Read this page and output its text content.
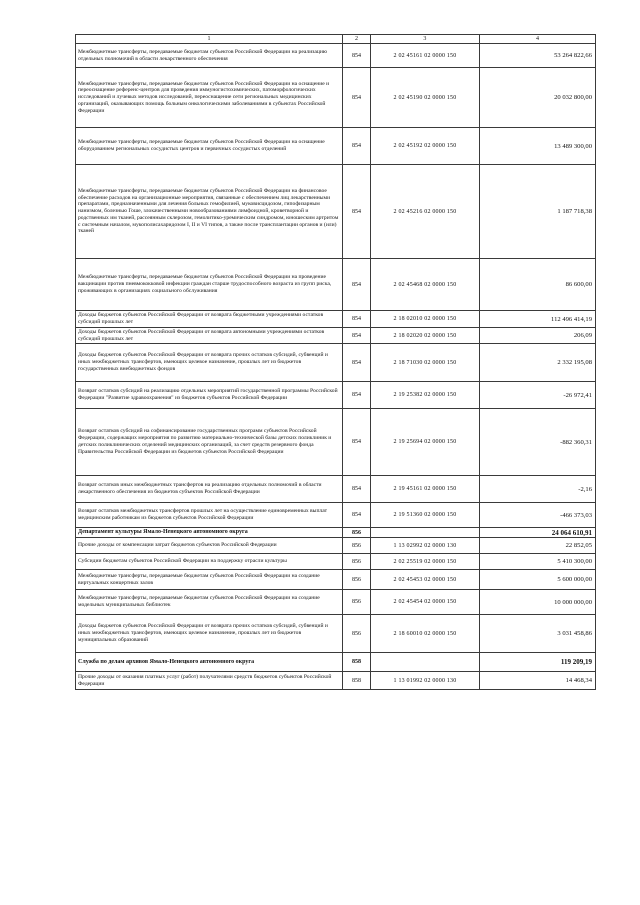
1	2	3	4
Межбюджетные трансферты, передаваемые бюджетам субъектов Российской Федерации на реализацию отдельных полномочий в области лекарственного обеспечения	854	2 02 45161 02 0000 150	53 264 822,66
Межбюджетные трансферты, передаваемые бюджетам субъектов Российской Федерации на оснащение и переоснащение референс-центров для проведения иммуногистохимических, патоморфологических исследований и лучевых методов исследований, переоснащение сети региональных медицинских организаций, оказывающих помощь больным онкологическими заболеваниями в субъектах Российской Федерации	854	2 02 45190 02 0000 150	20 032 800,00
Межбюджетные трансферты, передаваемые бюджетам субъектов Российской Федерации на оснащение оборудованием региональных сосудистых центров и первичных сосудистых отделений	854	2 02 45192 02 0000 150	13 489 300,00
Межбюджетные трансферты, передаваемые бюджетам субъектов Российской Федерации на финансовое обеспечение расходов на организационные мероприятия, связанные с обеспечением лиц лекарственными препаратами, предназначенными для лечения больных гемофилией, муковисцидозом, гипофизарным нанизмом, болезнью Гоше, злокачественными новообразованиями лимфоидной, кроветворной и родственных им тканей, рассеянным склерозом, гемолитико-уремическим синдромом, юношеским артритом с системным началом, мукополисахаридозом I, II и VI типов, а также после трансплантации органов и (или) тканей	854	2 02 45216 02 0000 150	1 187 718,38
Межбюджетные трансферты, передаваемые бюджетам субъектов Российской Федерации на проведение вакцинации против пневмококковой инфекции граждан старше трудоспособного возраста из групп риска, проживающих в организациях социального обслуживания	854	2 02 45468 02 0000 150	86 600,00
Доходы бюджетов субъектов Российской Федерации от возврата бюджетными учреждениями остатков субсидий прошлых лет	854	2 18 02010 02 0000 150	112 496 414,19
Доходы бюджетов субъектов Российской Федерации от возврата автономными учреждениями остатков субсидий прошлых лет	854	2 18 02020 02 0000 150	206,09
Доходы бюджетов субъектов Российской Федерации от возврата прочих остатков субсидий, субвенций и иных межбюджетных трансфертов, имеющих целевое назначение, прошлых лет из бюджетов государственных внебюджетных фондов	854	2 18 71030 02 0000 150	2 332 195,08
Возврат остатков субсидий на реализацию отдельных мероприятий государственной программы Российской Федерации "Развитие здравоохранения" из бюджетов субъектов Российской Федерации	854	2 19 25382 02 0000 150	-26 972,41
Возврат остатков субсидий на софинансирование государственных программ субъектов Российской Федерации, содержащих мероприятия по развитию материально-технической базы детских поликлиник и детских поликлинических отделений медицинских организаций, за счет средств резервного фонда Правительства Российской Федерации из бюджетов субъектов Российской Федерации	854	2 19 25694 02 0000 150	-882 360,31
Возврат остатков иных межбюджетных трансфертов на реализацию отдельных полномочий в области лекарственного обеспечения из бюджетов субъектов Российской Федерации	854	2 19 45161 02 0000 150	-2,16
Возврат остатков межбюджетных трансфертов прошлых лет на осуществление единовременных выплат медицинским работникам из бюджетов субъектов Российской Федерации	854	2 19 51360 02 0000 150	-466 373,03
Департамент культуры Ямало-Ненецкого автономного округа	856		24 064 610,91
Прочие доходы от компенсации затрат бюджетов субъектов Российской Федерации	856	1 13 02992 02 0000 130	22 852,05
Субсидии бюджетам субъектов Российской Федерации на поддержку отрасли культуры	856	2 02 25519 02 0000 150	5 410 300,00
Межбюджетные трансферты, передаваемые бюджетам субъектов Российской Федерации на создание виртуальных концертных залов	856	2 02 45453 02 0000 150	5 600 000,00
Межбюджетные трансферты, передаваемые бюджетам субъектов Российской Федерации на создание модельных муниципальных библиотек	856	2 02 45454 02 0000 150	10 000 000,00
Доходы бюджетов субъектов Российской Федерации от возврата прочих остатков субсидий, субвенций и иных межбюджетных трансфертов, имеющих целевое назначение, прошлых лет из бюджетов муниципальных образований	856	2 18 60010 02 0000 150	3 031 458,86
Служба по делам архивов Ямало-Ненецкого автономного округа	858		119 209,19
Прочие доходы от оказания платных услуг (работ) получателями средств бюджетов субъектов Российской Федерации	858	1 13 01992 02 0000 130	14 468,34
